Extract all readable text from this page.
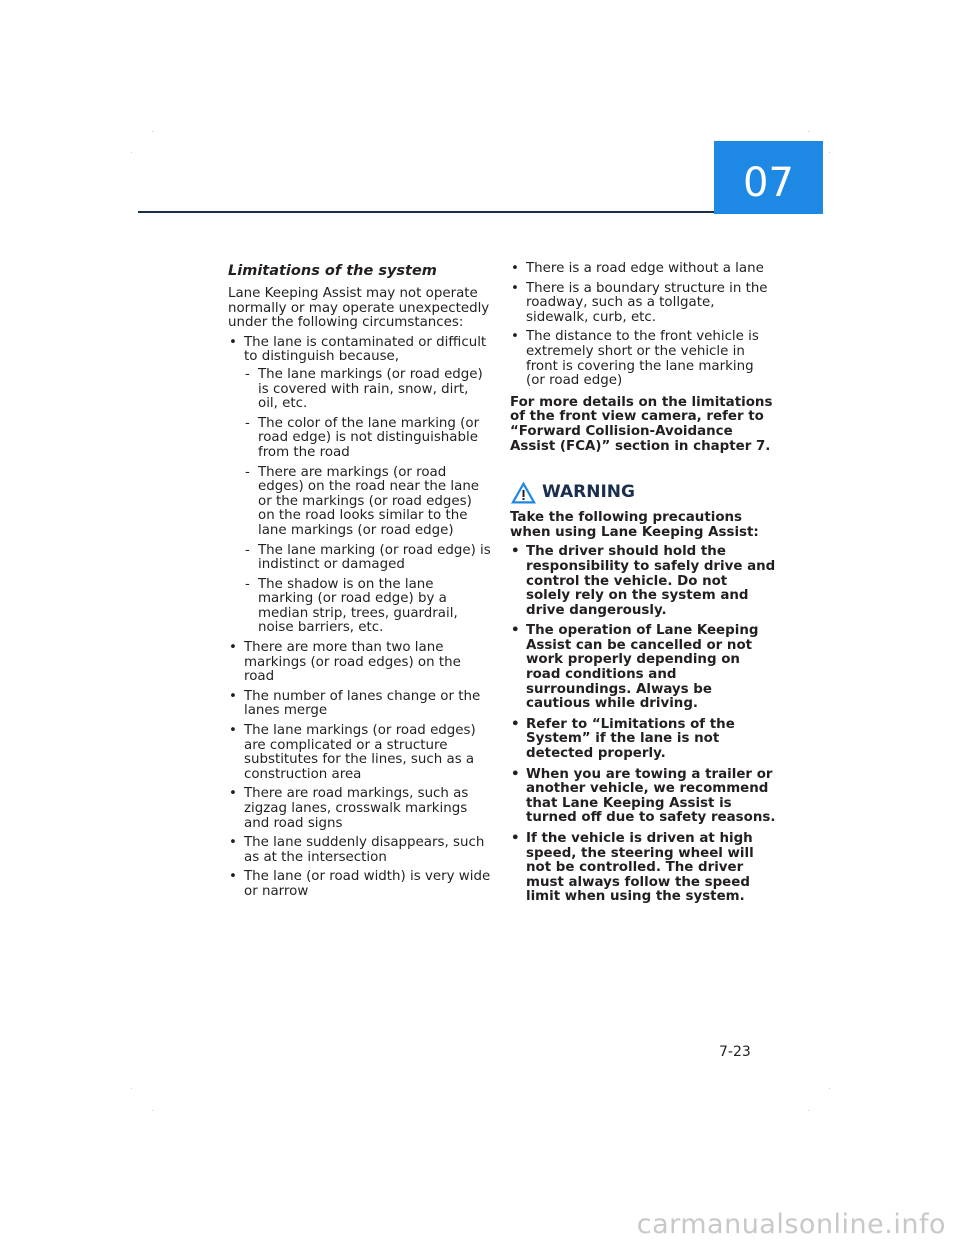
07
Limitations of the system

Lane Keeping Assist may not operate normally or may operate unexpectedly under the following circumstances:

• The lane is contaminated or difficult to distinguish because,
- The lane markings (or road edge) is covered with rain, snow, dirt, oil, etc.
- The color of the lane marking (or road edge) is not distinguishable from the road
- There are markings (or road edges) on the road near the lane or the markings (or road edges) on the road looks similar to the lane markings (or road edge)
- The lane marking (or road edge) is indistinct or damaged
- The shadow is on the lane marking (or road edge) by a median strip, trees, guardrail, noise barriers, etc.
• There are more than two lane markings (or road edges) on the road
• The number of lanes change or the lanes merge
• The lane markings (or road edges) are complicated or a structure substitutes for the lines, such as a construction area
• There are road markings, such as zigzag lanes, crosswalk markings and road signs
• The lane suddenly disappears, such as at the intersection
• The lane (or road width) is very wide or narrow
• There is a road edge without a lane
• There is a boundary structure in the roadway, such as a tollgate, sidewalk, curb, etc.
• The distance to the front vehicle is extremely short or the vehicle in front is covering the lane marking (or road edge)

For more details on the limitations of the front view camera, refer to “Forward Collision-Avoidance Assist (FCA)” section in chapter 7.

WARNING

Take the following precautions when using Lane Keeping Assist:

• The driver should hold the responsibility to safely drive and control the vehicle. Do not solely rely on the system and drive dangerously.
• The operation of Lane Keeping Assist can be cancelled or not work properly depending on road conditions and surroundings. Always be cautious while driving.
• Refer to “Limitations of the System” if the lane is not detected properly.
• When you are towing a trailer or another vehicle, we recommend that Lane Keeping Assist is turned off due to safety reasons.
• If the vehicle is driven at high speed, the steering wheel will not be controlled. The driver must always follow the speed limit when using the system.
7-23
carmanualsonline.info
